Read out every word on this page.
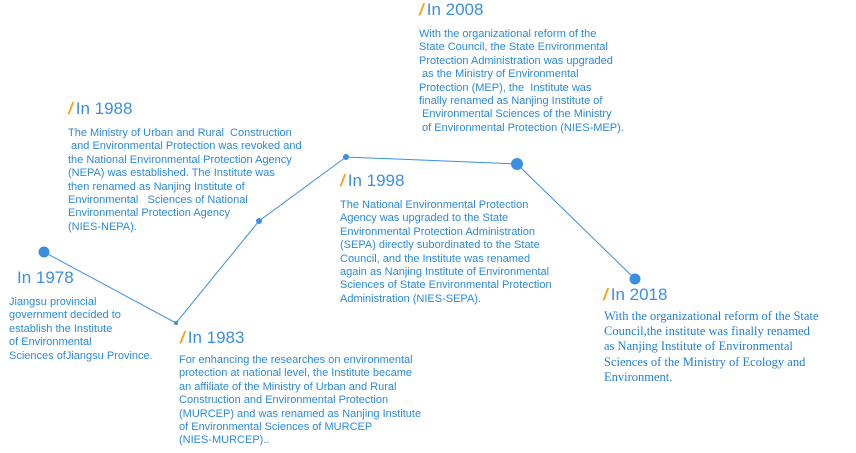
In 1978
Jiangsu provincial
government decided to
establish the Institute
of Environmental
Sciences ofJiangsu Province.
/ In 1983
For enhancing the researches on environmental
protection at national level, the Institute became
an affiliate of the Ministry of Urban and Rural
Construction and Environmental Protection
(MURCEP) and was renamed as Nanjing Institute
of Environmental Sciences of MURCEP
(NIES-MURCEP)..
/ In 1988
The Ministry of Urban and Rural  Construction
and Environmental Protection was revoked and
the National Environmental Protection Agency
(NEPA) was established. The Institute was
then renamed as Nanjing Institute of
Environmental   Sciences of National
Environmental Protection Agency
(NIES-NEPA).
/ In 1998
The National Environmental Protection
Agency was upgraded to the State
Environmental Protection Administration
(SEPA) directly subordinated to the State
Council, and the Institute was renamed
again as Nanjing Institute of Environmental
Sciences of State Environmental Protection
Administration (NIES-SEPA).
/ In 2008
With the organizational reform of the
State Council, the State Environmental
Protection Administration was upgraded
as the Ministry of Environmental
Protection (MEP), the  Institute was
finally renamed as Nanjing Institute of
Environmental Sciences of the Ministry
of Environmental Protection (NIES-MEP).
/ In 2018
With the organizational reform of the State
Council,the institute was finally renamed
as Nanjing Institute of Environmental
Sciences of the Ministry of Ecology and
Environment.
